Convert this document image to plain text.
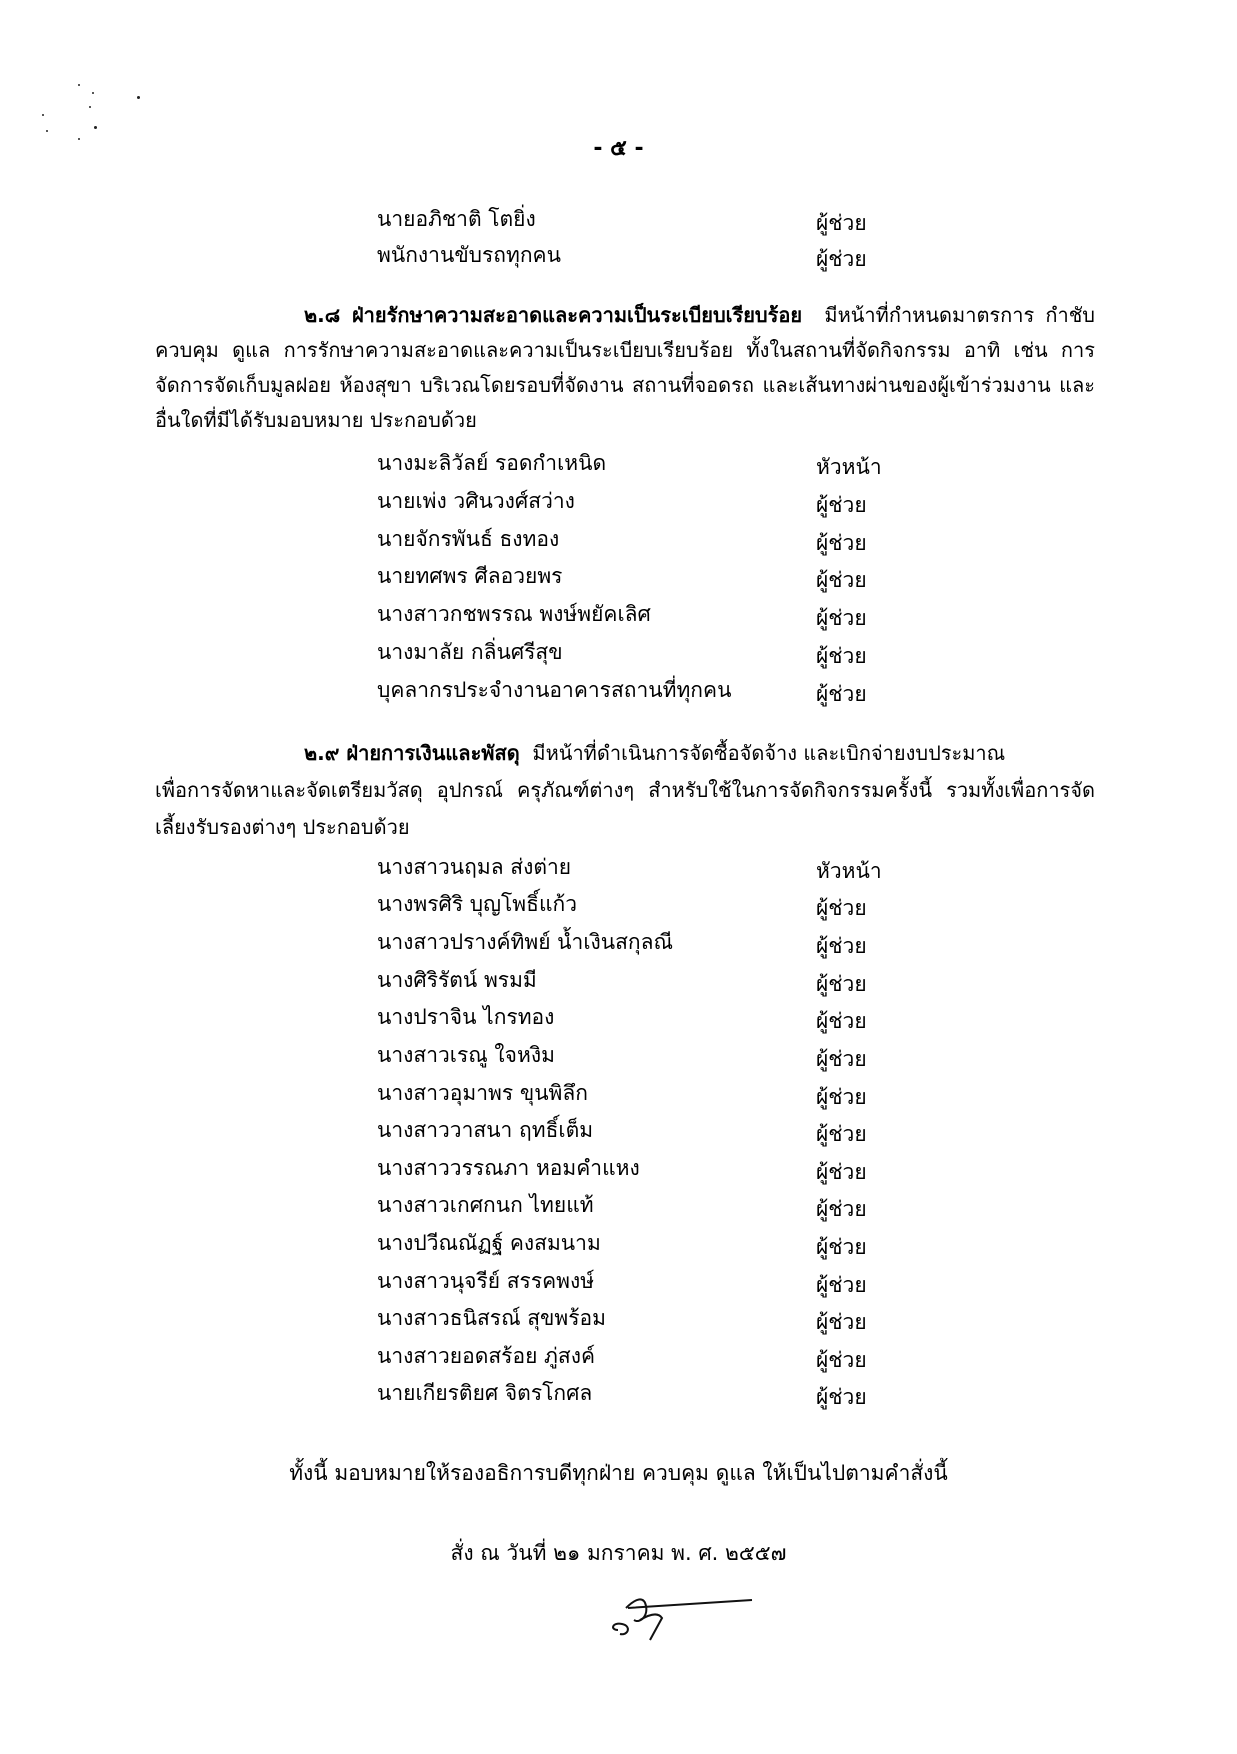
- ๕ -
นายอภิชาติ โตยิ่ง	ผู้ช่วย
พนักงานขับรถทุกคน	ผู้ช่วย
๒.๘ ฝ่ายรักษาความสะอาดและความเป็นระเบียบเรียบร้อย มีหน้าที่กำหนดมาตรการ กำชับ
ควบคุม ดูแล การรักษาความสะอาดและความเป็นระเบียบเรียบร้อย ทั้งในสถานที่จัดกิจกรรม อาทิ เช่น การ
จัดการจัดเก็บมูลฝอย ห้องสุขา บริเวณโดยรอบที่จัดงาน สถานที่จอดรถ และเส้นทางผ่านของผู้เข้าร่วมงาน และ
อื่นใดที่มีได้รับมอบหมาย ประกอบด้วย
นางมะลิวัลย์ รอดกำเหนิด	หัวหน้า
นายเพ่ง วศินวงศ์สว่าง	ผู้ช่วย
นายจักรพันธ์ ธงทอง	ผู้ช่วย
นายทศพร ศีลอวยพร	ผู้ช่วย
นางสาวกชพรรณ พงษ์พยัคเลิศ	ผู้ช่วย
นางมาลัย กลิ่นศรีสุข	ผู้ช่วย
บุคลากรประจำงานอาคารสถานที่ทุกคน	ผู้ช่วย
๒.๙ ฝ่ายการเงินและพัสดุ มีหน้าที่ดำเนินการจัดซื้อจัดจ้าง และเบิกจ่ายงบประมาณ
เพื่อการจัดหาและจัดเตรียมวัสดุ อุปกรณ์ ครุภัณฑ์ต่างๆ สำหรับใช้ในการจัดกิจกรรมครั้งนี้ รวมทั้งเพื่อการจัด
เลี้ยงรับรองต่างๆ ประกอบด้วย
นางสาวนฤมล ส่งต่าย	หัวหน้า
นางพรศิริ บุญโพธิ์แก้ว	ผู้ช่วย
นางสาวปรางค์ทิพย์ น้ำเงินสกุลณี	ผู้ช่วย
นางศิริรัตน์ พรมมี	ผู้ช่วย
นางปราจิน ไกรทอง	ผู้ช่วย
นางสาวเรณู ใจหงิม	ผู้ช่วย
นางสาวอุมาพร ขุนพิลึก	ผู้ช่วย
นางสาววาสนา ฤทธิ์เต็ม	ผู้ช่วย
นางสาววรรณภา หอมคำแหง	ผู้ช่วย
นางสาวเกศกนก ไทยแท้	ผู้ช่วย
นางปวีณณัฏฐ์ คงสมนาม	ผู้ช่วย
นางสาวนุจรีย์ สรรคพงษ์	ผู้ช่วย
นางสาวธนิสรณ์ สุขพร้อม	ผู้ช่วย
นางสาวยอดสร้อย ภู่สงค์	ผู้ช่วย
นายเกียรติยศ จิตรโกศล	ผู้ช่วย
ทั้งนี้ มอบหมายให้รองอธิการบดีทุกฝ่าย ควบคุม ดูแล ให้เป็นไปตามคำสั่งนี้
สั่ง ณ วันที่ ๒๑ มกราคม พ. ศ. ๒๕๕๗
